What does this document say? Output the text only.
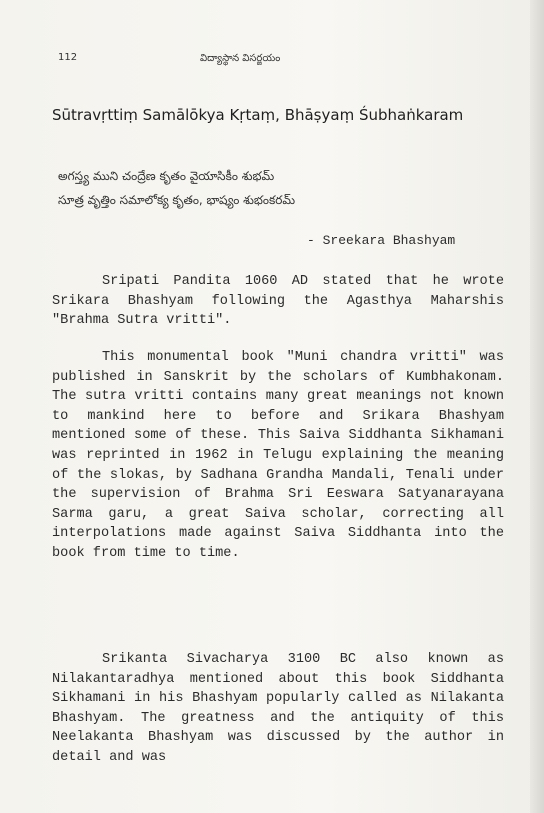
112	విద్యాస్థాన విసర్జయం
Sūtravṛttiṃ Samālōkya Kṛtaṃ, Bhāṣyaṃ Śubhaṅkaram
అగస్త్య ముని చంద్రేణ కృతం వైయాసికీం శుభమ్
సూత్ర వృత్తిం సమాలోక్య కృతం, భాష్యం శుభంకరమ్
- Sreekara Bhashyam

Sripati Pandita 1060 AD stated that he wrote Srikara Bhashyam following the Agasthya Maharshis "Brahma Sutra vritti".

This monumental book "Muni chandra vritti" was published in Sanskrit by the scholars of Kumbhakonam. The sutra vritti contains many great meanings not known to mankind here to before and Srikara Bhashyam mentioned some of these. This Saiva Siddhanta Sikhamani was reprinted in 1962 in Telugu explaining the meaning of the slokas, by Sadhana Grandha Mandali, Tenali under the supervision of Brahma Sri Eeswara Satyanarayana Sarma garu, a great Saiva scholar, correcting all interpolations made against Saiva Siddhanta into the book from time to time.

Srikanta Sivacharya 3100 BC also known as Nilakantaradhya mentioned about this book Siddhanta Sikhamani in his Bhashyam popularly called as Nilakanta Bhashyam. The greatness and the antiquity of this Neelakanta Bhashyam was discussed by the author in detail and was
